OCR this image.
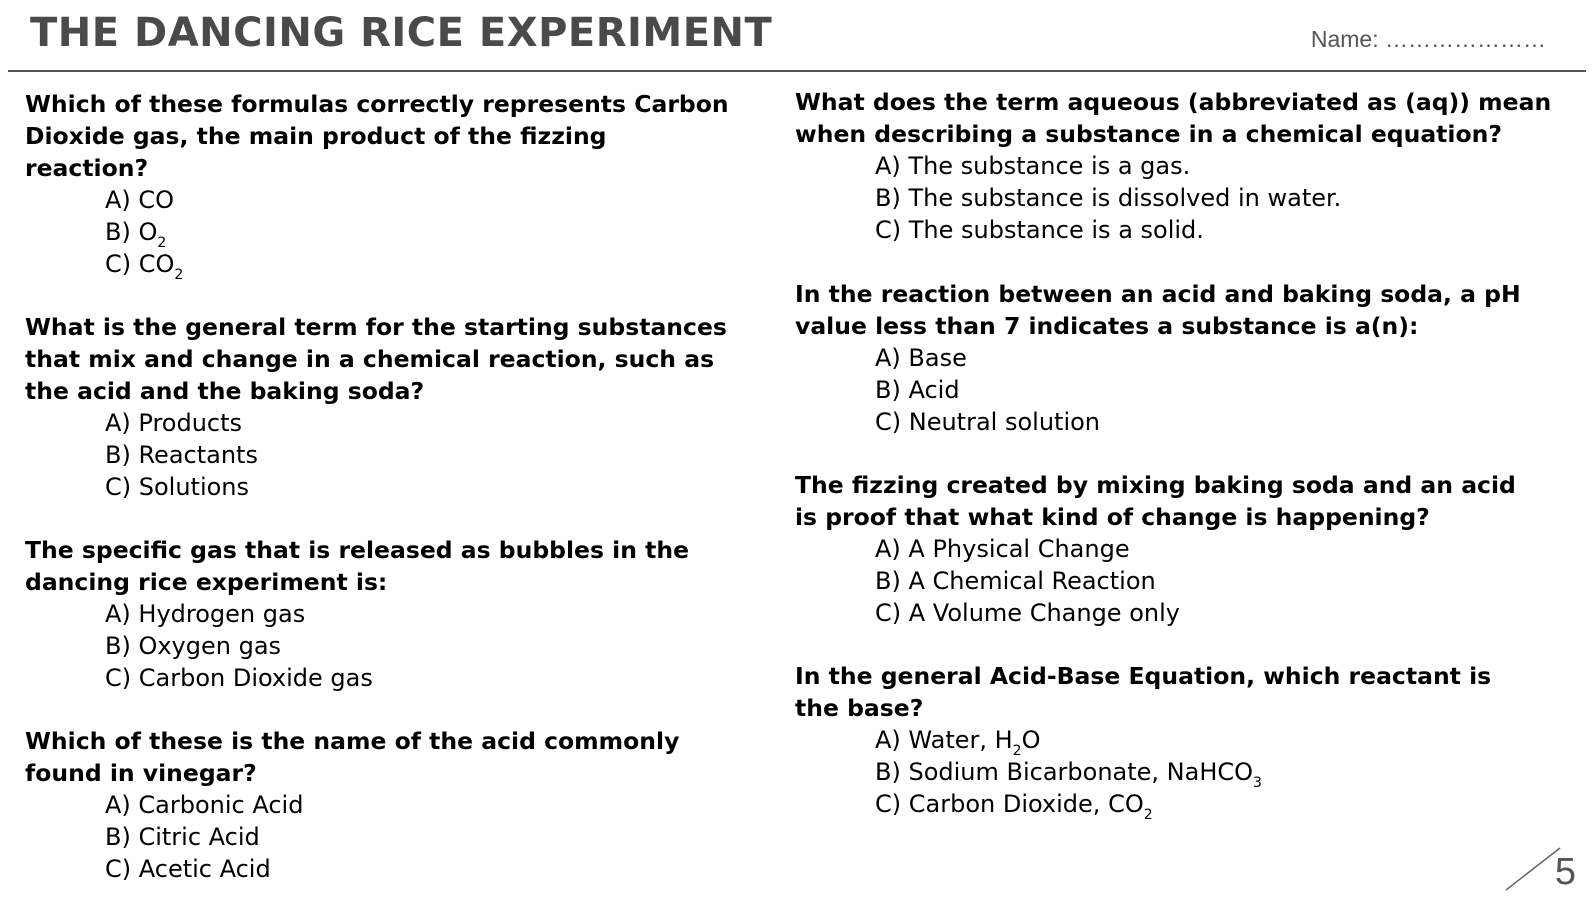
THE DANCING RICE EXPERIMENT	Name: …………………
Which of these formulas correctly represents Carbon
Dioxide gas, the main product of the fizzing
reaction?
A) CO
B) $O_2$
C) $CO_2$
What is the general term for the starting substances
that mix and change in a chemical reaction, such as
the acid and the baking soda?
A) Products
B) Reactants
C) Solutions
The specific gas that is released as bubbles in the
dancing rice experiment is:
A) Hydrogen gas
B) Oxygen gas
C) Carbon Dioxide gas
Which of these is the name of the acid commonly
found in vinegar?
A) Carbonic Acid
B) Citric Acid
C) Acetic Acid
What does the term aqueous (abbreviated as (aq)) mean
when describing a substance in a chemical equation?
A) The substance is a gas.
B) The substance is dissolved in water.
C) The substance is a solid.
In the reaction between an acid and baking soda, a pH
value less than 7 indicates a substance is a(n):
A) Base
B) Acid
C) Neutral solution
The fizzing created by mixing baking soda and an acid
is proof that what kind of change is happening?
A) A Physical Change
B) A Chemical Reaction
C) A Volume Change only
In the general Acid-Base Equation, which reactant is
the base?
A) Water, $H_2O$
B) Sodium Bicarbonate, NaHCO$_3$
C) Carbon Dioxide, $CO_2$
5
